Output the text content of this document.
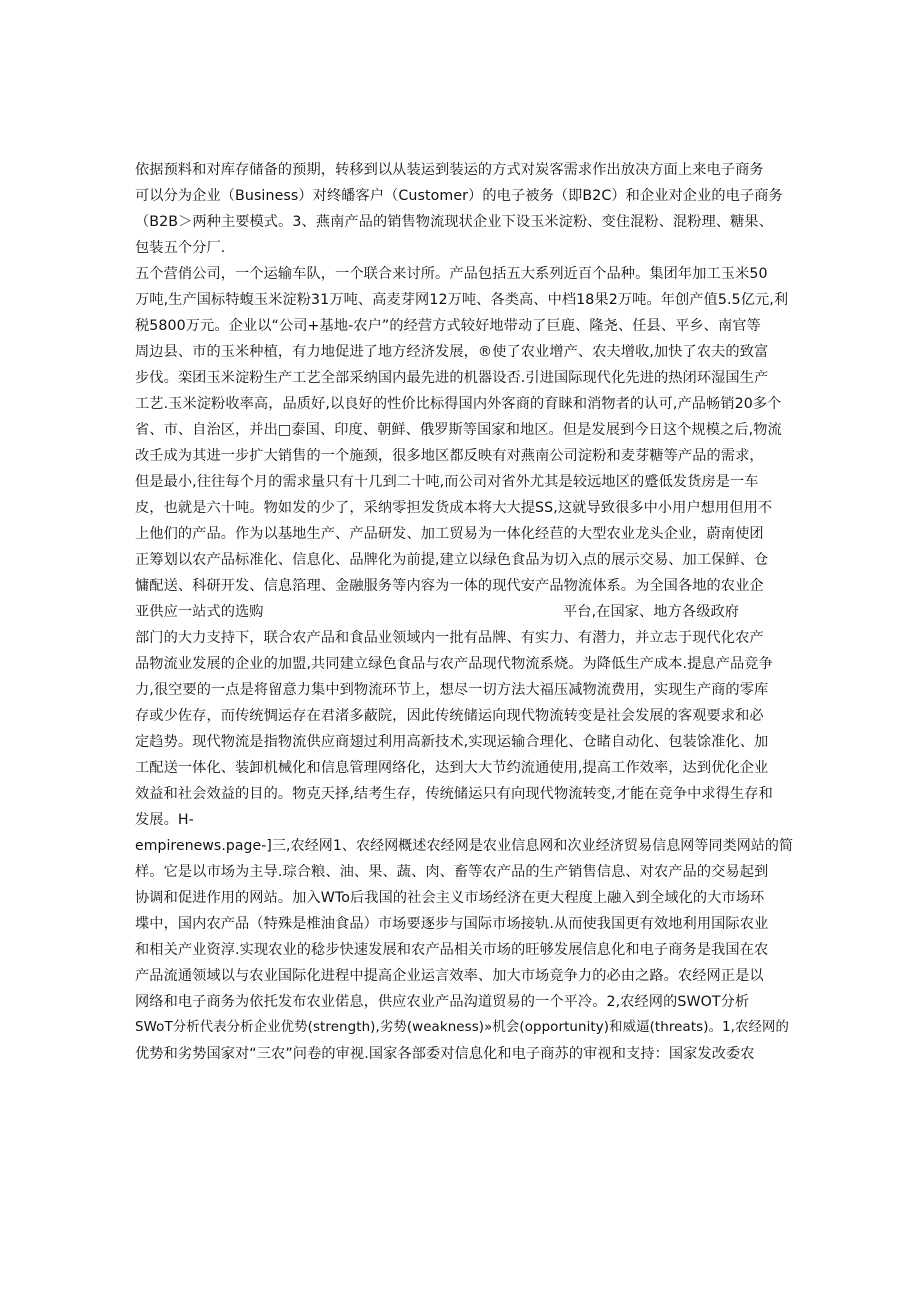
依据预料和对库存储备的预期，转移到以从装运到装运的方式对炭客需求作出放决方面上来电子商务
可以分为企业（Business）对终皤客户（Customer）的电子被务（即B2C）和企业对企业的电子商务
（B2B＞两种主要模式。3、燕南产品的销售物流现状企业下设玉米淀粉、变住混粉、混粉理、糖果、
包装五个分厂.
五个营俏公司，一个运输车队，一个联合来讨所。产品包括五大系列近百个品种。集团年加工玉米50
万吨,生产国标特蝮玉米淀粉31万吨、高麦芽网12万吨、各类高、中档18果2万吨。年创产值5.5亿元,利
税5800万元。企业以“公司+基地-农户”的经营方式较好地带动了巨鹿、隆尧、任县、平乡、南官等
周边县、市的玉米种植，有力地促进了地方经济发展，®使了农业增产、农夫增收,加快了农夫的致富
步伐。栾团玉米淀粉生产工艺全部采纳国内最先进的机器设否.引进国际现代化先进的热闭环湿国生产
工艺.玉米淀粉收率高，品质好,以良好的性价比标得国内外客商的育睐和消物者的认可,产品畅销20多个
省、市、自治区，并出□泰国、印度、朝鲜、俄罗斯等国家和地区。但是发展到今日这个规模之后,物流
改壬成为其进一步扩大销售的一个施颈，很多地区都反映有对燕南公司淀粉和麦芽糖等产品的需求，
但是最小,往往每个月的需求量只有十几到二十吨,而公司对省外尤其是较远地区的蹙低发货房是一车
皮，也就是六十吨。物如发的少了，采纳零担发货成本将大大提SS,这就导致很多中小用户想用但用不
上他们的产品。作为以基地生产、产品研发、加工贸易为一体化经苣的大型农业龙头企业，蔚南使团
正筹划以农产品标准化、信息化、品牌化为前提,建立以绿色食品为切入点的展示交易、加工保鲜、仓
慵配送、科研开发、信息箔理、金融服务等内容为一体的现代安产品物流体系。为全国各地的农业企
亚供应一站式的选购	平台,在国家、地方各级政府
部门的大力支持下，联合农产品和食品业领域内一批有品牌、有实力、有潜力，并立志于现代化农产
品物流业发展的企业的加盟,共同建立绿色食品与农产品现代物流系烧。为降低生产成本.提息产品竞争
力,很空要的一点是将留意力集中到物流环节上，想尽一切方法大福压减物流费用，实现生产商的零库
存或少佐存，而传统惆运存在君渚多蔽院，因此传统储运向现代物流转变是社会发展的客观要求和必
定趋势。现代物流是指物流供应商翅过利用高新技术,实现运输合理化、仓睹自动化、包装馀准化、加
工配送一体化、装卸机械化和信息管理网络化，达到大大节约流通使用,提高工作效率，达到优化企业
效益和社会效益的目的。物克天择,结考生存，传统储运只有向现代物流转变,才能在竞争中求得生存和
发展。H-
empirenews.page-]三,农经网1、农经网概述农经网是农业信息网和次业经济贸易信息网等同类网站的简
样。它是以市场为主导.琮合粮、油、果、蔬、肉、畜等农产品的生产销售信息、对农产品的交易起到
协调和促进作用的网站。加入WTo后我国的社会主义市场经济在更大程度上融入到全域化的大市场环
堞中，国内农产品（特殊是椎油食品）市场要逐步与国际市场接轨.从而使我国更有效地利用国际农业
和相关产业资淳.实现农业的稔步快速发展和农产品相关市场的旺够发展信息化和电子商务是我国在农
产品流通领域以与农业国际化进程中提高企业运言效率、加大市场竞争力的必由之路。农经网正是以
网络和电子商务为依托发布农业偌息，供应农业产品沟道贸易的一个平冷。2,农经网的SWOT分析
SWoT分析代表分析企业优势(strength),劣势(weakness)»机会(opportunity)和威逼(threats)。1,农经网的
优势和劣势国家对“三农”问卷的审视.国家各部委对信息化和电子商苏的审视和支持：国家发改委农
